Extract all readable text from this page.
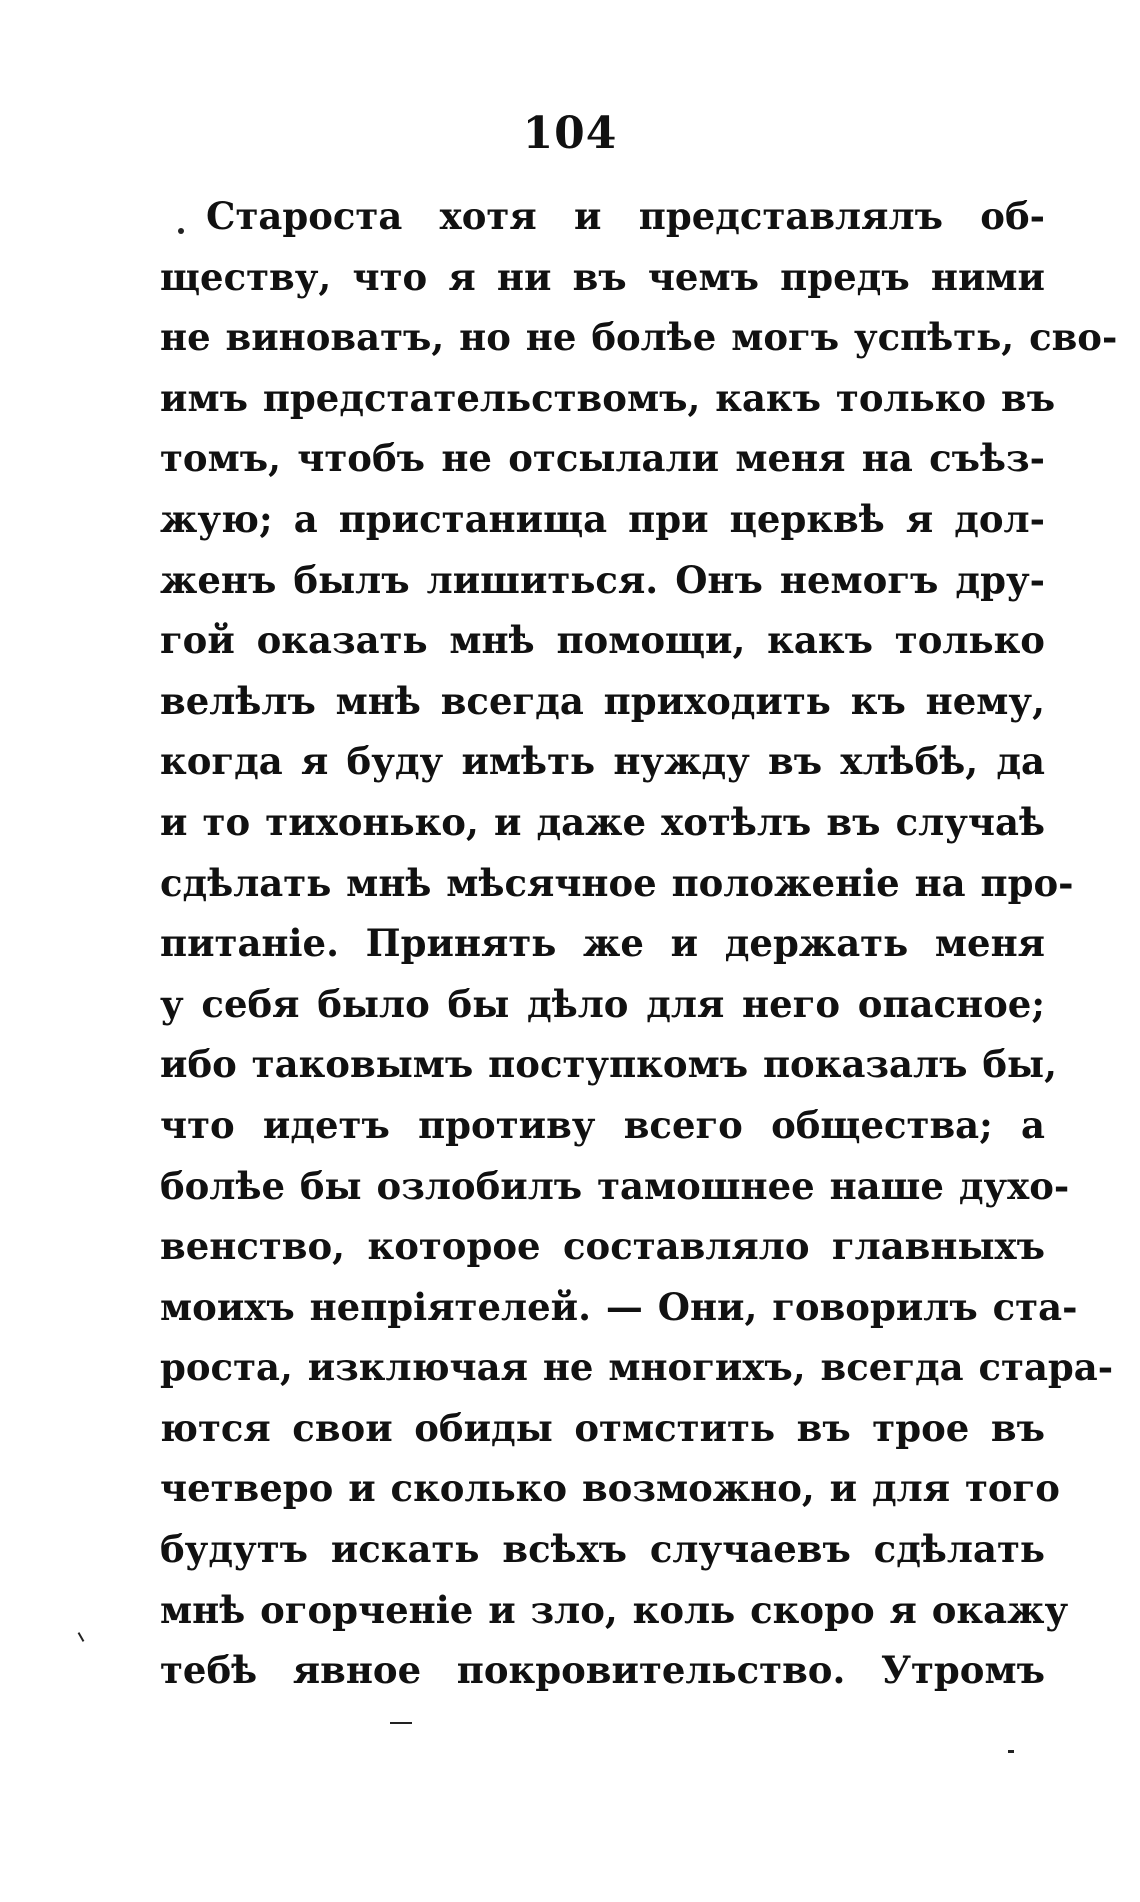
104
Староста хотя и представлялъ об-
ществу, что я ни въ чемъ предъ ними
не виноватъ, но не болѣе могъ успѣть, сво-
имъ предстательствомъ, какъ только въ
томъ, чтобъ не отсылали меня на съѣз-
жую; а пристанища при церквѣ я дол-
женъ былъ лишиться. Онъ немогъ дру-
гой оказать мнѣ помощи, какъ только
велѣлъ мнѣ всегда приходить къ нему,
когда я буду имѣть нужду въ хлѣбѣ, да
и то тихонько, и даже хотѣлъ въ случаѣ
сдѣлать мнѣ мѣсячное положеніе на про-
питаніе. Принять же и держать меня
у себя было бы дѣло для него опасное;
ибо таковымъ поступкомъ показалъ бы,
что идетъ противу всего общества; а
болѣе бы озлобилъ тамошнее наше духо-
венство, которое составляло главныхъ
моихъ непріятелей. — Они, говорилъ ста-
роста, изключая не многихъ, всегда стара-
ются свои обиды отмстить въ трое въ
четверо и сколько возможно, и для того
будутъ искать всѣхъ случаевъ сдѣлать
мнѣ огорченіе и зло, коль скоро я окажу
тебѣ явное покровительство. Утромъ
